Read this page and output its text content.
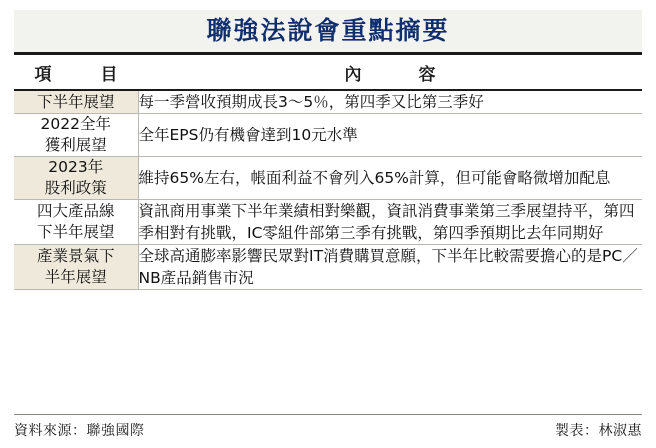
聯強法說會重點摘要
項　目	內　容

下半年展望	每一季營收預期成長3～5％，第四季又比第三季好

2022全年
獲利展望	全年EPS仍有機會達到10元水準

2023年
股利政策	維持65%左右，帳面利益不會列入65%計算，但可能會略微增加配息

四大產品線
下半年展望	資訊商用事業下半年業績相對樂觀，資訊消費事業第三季展望持平，第四季相對有挑戰，IC零組件部第三季有挑戰，第四季預期比去年同期好

產業景氣下
半年展望	全球高通膨率影響民眾對IT消費購買意願，下半年比較需要擔心的是PC／NB產品銷售市況
資料來源：聯強國際	製表：林淑惠
